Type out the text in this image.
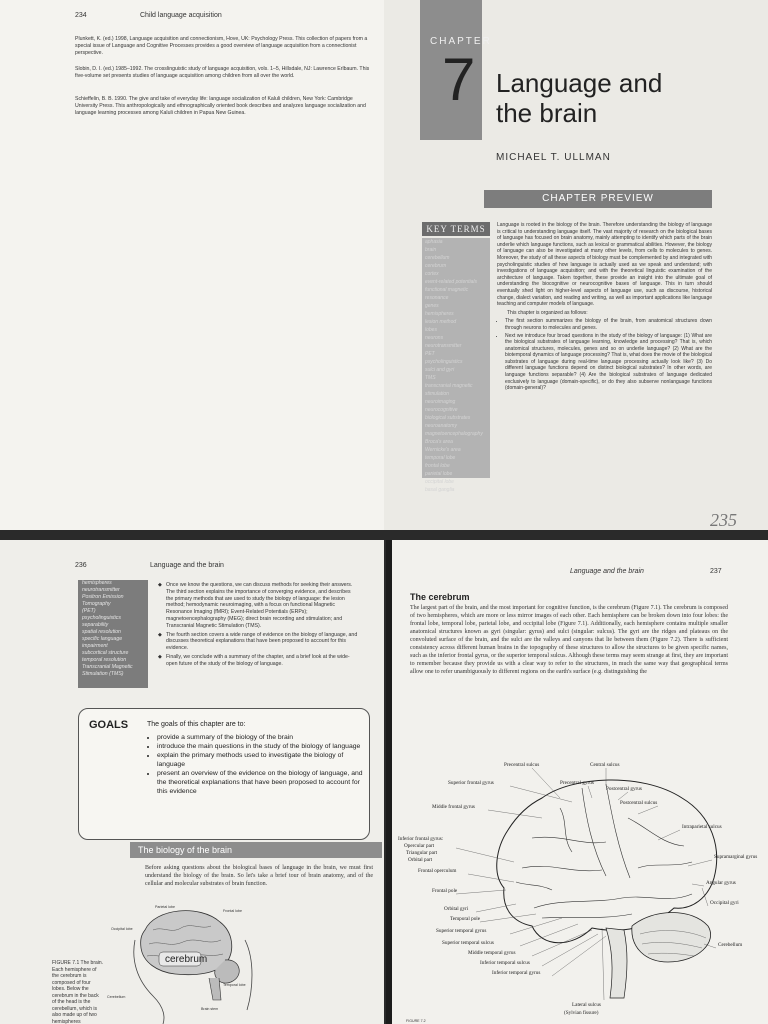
234	Child language acquisition
Plunkett, K. (ed.) 1998, Language acquisition and connectionism, Hove, UK: Psychology Press. This collection of papers from a special issue of Language and Cognitive Processes provides a good overview of language acquisition from a connectionist perspective.
Slobin, D. I. (ed.) 1985–1992. The crosslinguistic study of language acquisition, vols. 1–5, Hillsdale, NJ: Lawrence Erlbaum. This five-volume set presents studies of language acquisition among children from all over the world.
Schieffelin, B. B. 1990. The give and take of everyday life: language socialization of Kaluli children, New York: Cambridge University Press. This anthropologically and ethnographically oriented book describes and analyzes language socialization and language learning processes among Kaluli children in Papua New Guinea.
CHAPTER
7 Language and
the brain
MICHAEL T. ULLMAN
CHAPTER PREVIEW
KEY TERMS
aphasia
brain
cerebellum
cerebrum
cortex
event-related potentials
functional magnetic resonance
genes
hemispheres
lesion method
lobes
neurons
neurotransmitter
PET
psycholinguistics
sulci and gyri
TMS
transcranial magnetic stimulation
neuroimaging
neurocognitive
biological substrates
neuroanatomy
magnetoencephalography
Broca's area
Wernicke's area
temporal lobe
frontal lobe
parietal lobe
occipital lobe
basal ganglia

Language is rooted in the biology of the brain. Therefore understanding the biology of language is critical to understanding language itself. The vast majority of research on the biological bases of language has focused on brain anatomy, mainly attempting to identify which parts of the brain underlie which language functions, such as lexical or grammatical abilities. However, the biology of language can also be investigated at many other levels, from cells to molecules to genes. Moreover, the study of all these aspects of biology must be complemented by and integrated with psycholinguistic studies of how language is actually used as we speak and understand; with investigations of language acquisition; and with the theoretical linguistic examination of the architecture of language. Taken together, these provide an insight into the ultimate goal of understanding the biocognitive or neurocognitive bases of language. This in turn should eventually shed light on higher-level aspects of language use, such as discourse, historical change, dialect variation, and reading and writing, as well as important applications like language teaching and computer models of language.

This chapter is organized as follows:

• The first section summarizes the biology of the brain, from anatomical structures down through neurons to molecules and genes.
• Next we introduce four broad questions in the study of the biology of language: (1) What are the biological substrates of language learning, knowledge and processing? That is, which anatomical structures, molecules, genes and so on underlie language? (2) What are the biotemporal dynamics of language processing? That is, what does the movie of the biological substrates of language during real-time language processing actually look like? (3) Do different language functions depend on distinct biological substrates? In other words, are language functions separable? (4) Are the biological substrates of language dedicated exclusively to language (domain-specific), or do they also subserve nonlanguage functions (domain-general)?
235
236	Language and the brain
hemispheres
neurotransmitter
Positron Emission
Tomography
(PET)
psycholinguistics
separability
spatial resolution
specific language
impairment
subcortical structure
temporal resolution
Transcranial Magnetic
Stimulation (TMS)
◆ Once we know the questions, we can discuss methods for seeking their answers. The third section explains the importance of converging evidence, and describes the primary methods that are used to study the biology of language: the lesion method; hemodynamic neuroimaging, with a focus on functional Magnetic Resonance Imaging (fMRI); Event-Related Potentials (ERPs); magnetoencephalography (MEG); direct brain recording and stimulation; and Transcranial Magnetic Stimulation (TMS).
◆ The fourth section covers a wide range of evidence on the biology of language, and discusses theoretical explanations that have been proposed to account for this evidence.
◆ Finally, we conclude with a summary of the chapter, and a brief look at the wide-open future of the study of the biology of language.
GOALS	The goals of this chapter are to:
• provide a summary of the biology of the brain
• introduce the main questions in the study of the biology of language
• explain the primary methods used to investigate the biology of language
• present an overview of the evidence on the biology of language, and the theoretical explanations that have been proposed to account for this evidence
The biology of the brain
Before asking questions about the biological bases of language in the brain, we must first understand the biology of the brain. So let's take a brief tour of brain anatomy, and of the cellular and molecular substrates of brain function.
cerebrum
Parietal lobe
Frontal lobe
Occipital lobe
Temporal lobe
Cerebellum
Brain stem
FIGURE 7.1 The brain. Each hemisphere of the cerebrum is composed of four lobes. Below the cerebrum in the back of the head is the cerebellum, which is also made up of two hemispheres
Language and the brain	237
The cerebrum
The largest part of the brain, and the most important for cognitive function, is the cerebrum (Figure 7.1). The cerebrum is composed of two hemispheres, which are more or less mirror images of each other. Each hemisphere can be broken down into four lobes: the frontal lobe, temporal lobe, parietal lobe, and occipital lobe (Figure 7.1). Additionally, each hemisphere contains multiple smaller anatomical structures known as gyri (singular: gyrus) and sulci (singular: sulcus). The gyri are the ridges and plateaus on the convoluted surface of the brain, and the sulci are the valleys and canyons that lie between them (Figure 7.2). There is sufficient consistency across different human brains in the topography of these structures to allow the structures to be given specific names, such as the inferior frontal gyrus, or the superior temporal sulcus. Although these terms may seem strange at first, they are important to remember because they provide us with a clear way to refer to the structures, in much the same way that geographical terms allow one to refer unambiguously to different regions on the earth's surface (e.g. distinguishing the
Precentral sulcus	Central sulcus
Superior frontal gyrus	Precentral gyrus
Postcentral gyrus
Middle frontal gyrus
Postcentral sulcus
Intraparietal sulcus
Inferior frontal gyrus:
Opercular part
Triangular part
Orbital part	Supramarginal gyrus
Frontal operculum
Angular gyrus
Frontal pole
Occipital gyri
Orbital gyri
Temporal pole
Superior temporal gyrus
Superior temporal sulcus	Cerebellum
Middle temporal gyrus
Inferior temporal sulcus
Inferior temporal gyrus
Lateral sulcus
(Sylvian fissure)
FIGURE 7.2
